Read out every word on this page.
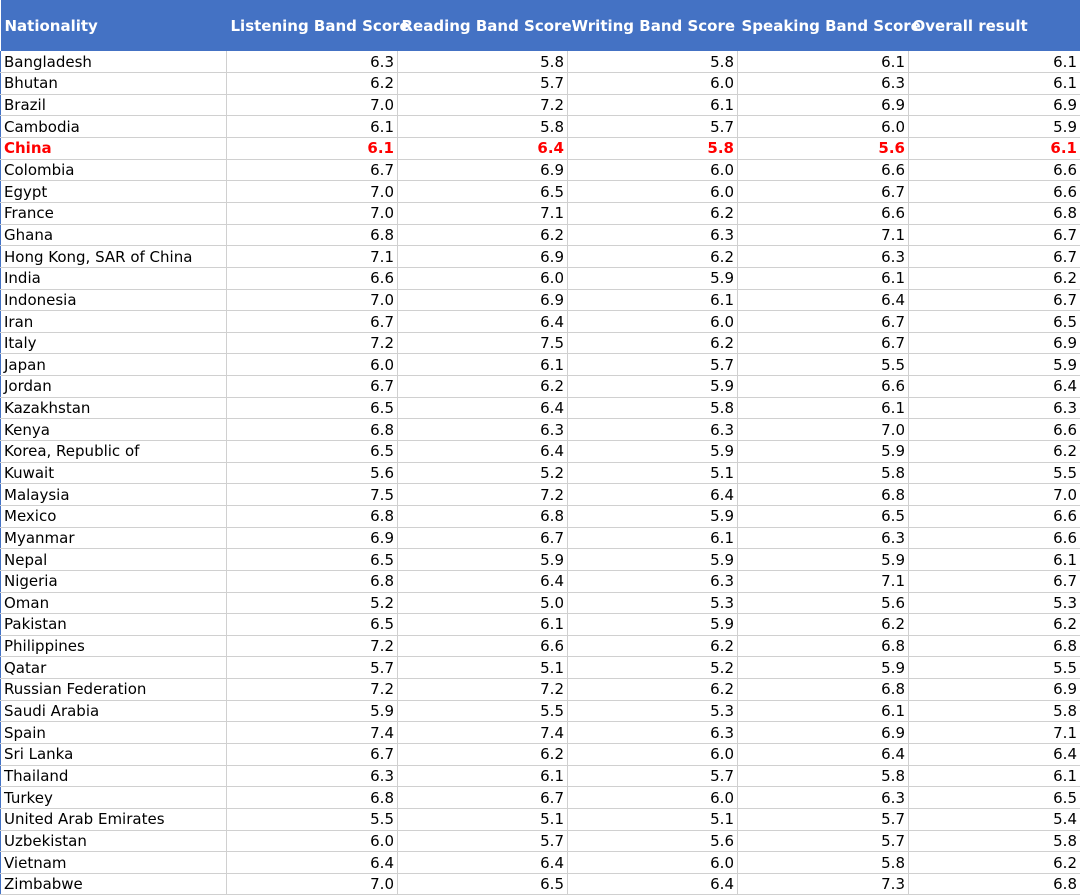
Nationality	Listening Band Score	Reading Band Score	Writing Band Score	Speaking Band Score	Overall result
Bangladesh	6.3	5.8	5.8	6.1	6.1
Bhutan	6.2	5.7	6.0	6.3	6.1
Brazil	7.0	7.2	6.1	6.9	6.9
Cambodia	6.1	5.8	5.7	6.0	5.9
China	6.1	6.4	5.8	5.6	6.1
Colombia	6.7	6.9	6.0	6.6	6.6
Egypt	7.0	6.5	6.0	6.7	6.6
France	7.0	7.1	6.2	6.6	6.8
Ghana	6.8	6.2	6.3	7.1	6.7
Hong Kong, SAR of China	7.1	6.9	6.2	6.3	6.7
India	6.6	6.0	5.9	6.1	6.2
Indonesia	7.0	6.9	6.1	6.4	6.7
Iran	6.7	6.4	6.0	6.7	6.5
Italy	7.2	7.5	6.2	6.7	6.9
Japan	6.0	6.1	5.7	5.5	5.9
Jordan	6.7	6.2	5.9	6.6	6.4
Kazakhstan	6.5	6.4	5.8	6.1	6.3
Kenya	6.8	6.3	6.3	7.0	6.6
Korea, Republic of	6.5	6.4	5.9	5.9	6.2
Kuwait	5.6	5.2	5.1	5.8	5.5
Malaysia	7.5	7.2	6.4	6.8	7.0
Mexico	6.8	6.8	5.9	6.5	6.6
Myanmar	6.9	6.7	6.1	6.3	6.6
Nepal	6.5	5.9	5.9	5.9	6.1
Nigeria	6.8	6.4	6.3	7.1	6.7
Oman	5.2	5.0	5.3	5.6	5.3
Pakistan	6.5	6.1	5.9	6.2	6.2
Philippines	7.2	6.6	6.2	6.8	6.8
Qatar	5.7	5.1	5.2	5.9	5.5
Russian Federation	7.2	7.2	6.2	6.8	6.9
Saudi Arabia	5.9	5.5	5.3	6.1	5.8
Spain	7.4	7.4	6.3	6.9	7.1
Sri Lanka	6.7	6.2	6.0	6.4	6.4
Thailand	6.3	6.1	5.7	5.8	6.1
Turkey	6.8	6.7	6.0	6.3	6.5
United Arab Emirates	5.5	5.1	5.1	5.7	5.4
Uzbekistan	6.0	5.7	5.6	5.7	5.8
Vietnam	6.4	6.4	6.0	5.8	6.2
Zimbabwe	7.0	6.5	6.4	7.3	6.8
